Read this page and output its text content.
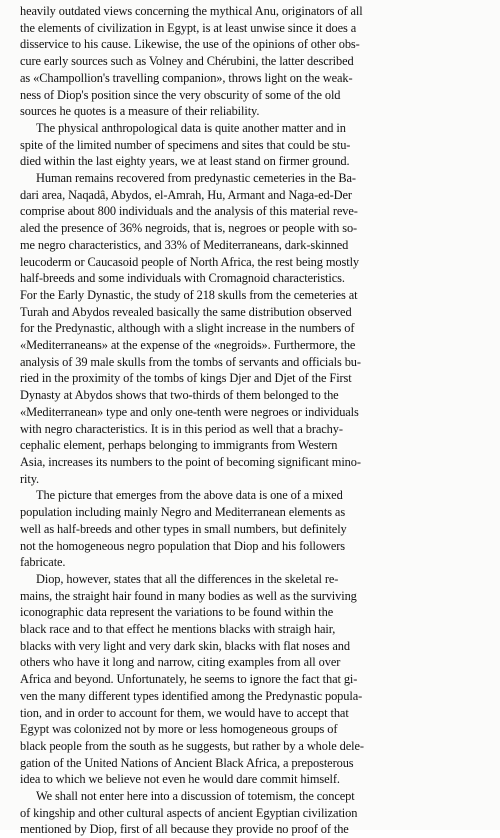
heavily outdated views concerning the mythical Anu, originators of all
the elements of civilization in Egypt, is at least unwise since it does a
disservice to his cause. Likewise, the use of the opinions of other obs-
cure early sources such as Volney and Chérubini, the latter described
as «Champollion's travelling companion», throws light on the weak-
ness of Diop's position since the very obscurity of some of the old
sources he quotes is a measure of their reliability.
The physical anthropological data is quite another matter and in
spite of the limited number of specimens and sites that could be stu-
died within the last eighty years, we at least stand on firmer ground.
Human remains recovered from predynastic cemeteries in the Ba-
dari area, Naqadâ, Abydos, el-Amrah, Hu, Armant and Naga-ed-Der
comprise about 800 individuals and the analysis of this material reve-
aled the presence of 36% negroids, that is, negroes or people with so-
me negro characteristics, and 33% of Mediterraneans, dark-skinned
leucoderm or Caucasoid people of North Africa, the rest being mostly
half-breeds and some individuals with Cromagnoid characteristics.
For the Early Dynastic, the study of 218 skulls from the cemeteries at
Turah and Abydos revealed basically the same distribution observed
for the Predynastic, although with a slight increase in the numbers of
«Mediterraneans» at the expense of the «negroids». Furthermore, the
analysis of 39 male skulls from the tombs of servants and officials bu-
ried in the proximity of the tombs of kings Djer and Djet of the First
Dynasty at Abydos shows that two-thirds of them belonged to the
«Mediterranean» type and only one-tenth were negroes or individuals
with negro characteristics. It is in this period as well that a brachy-
cephalic element, perhaps belonging to immigrants from Western
Asia, increases its numbers to the point of becoming significant mino-
rity.
The picture that emerges from the above data is one of a mixed
population including mainly Negro and Mediterranean elements as
well as half-breeds and other types in small numbers, but definitely
not the homogeneous negro population that Diop and his followers
fabricate.
Diop, however, states that all the differences in the skeletal re-
mains, the straight hair found in many bodies as well as the surviving
iconographic data represent the variations to be found within the
black race and to that effect he mentions blacks with straigh hair,
blacks with very light and very dark skin, blacks with flat noses and
others who have it long and narrow, citing examples from all over
Africa and beyond. Unfortunately, he seems to ignore the fact that gi-
ven the many different types identified among the Predynastic popula-
tion, and in order to account for them, we would have to accept that
Egypt was colonized not by more or less homogeneous groups of
black people from the south as he suggests, but rather by a whole dele-
gation of the United Nations of Ancient Black Africa, a preposterous
idea to which we believe not even he would dare commit himself.
We shall not enter here into a discussion of totemism, the concept
of kingship and other cultural aspects of ancient Egyptian civilization
mentioned by Diop, first of all because they provide no proof of the
